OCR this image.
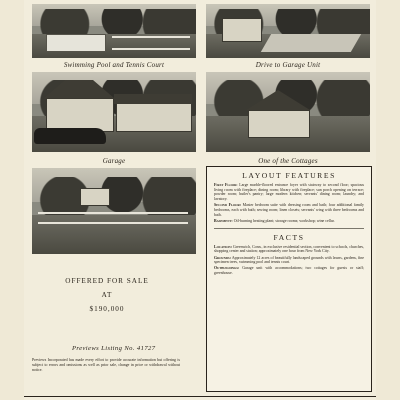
Swimming Pool and Tennis Court	Drive to Garage Unit
Garage	One of the Cottages
LAYOUT FEATURES

First Floor: Large marble-floored entrance foyer with stairway to second floor; spacious living room with fireplace; dining room; library with fireplace; sun porch opening on terrace; powder room; butler's pantry; large modern kitchen; servants' dining room; laundry; and lavatory.

Second Floor: Master bedroom suite with dressing room and bath; four additional family bedrooms, each with bath; sewing room; linen closets; servants' wing with three bedrooms and bath.

Basement: Oil-burning heating plant; storage rooms; workshop; wine cellar.

FACTS

Location: Greenwich, Conn., in exclusive residential section, convenient to schools, churches, shopping center and station; approximately one hour from New York City.

Grounds: Approximately 12 acres of beautifully landscaped grounds with lawns, gardens, fine specimen trees, swimming pool and tennis court.

Outbuildings: Garage unit with accommodations; two cottages for guests or staff; greenhouse.

OFFERED FOR SALE
AT
$190,000
Previews Listing No. 41727
Previews Incorporated has made every effort to provide accurate information but offering is subject to errors and omissions as well as prior sale, change in price or withdrawal without notice.
